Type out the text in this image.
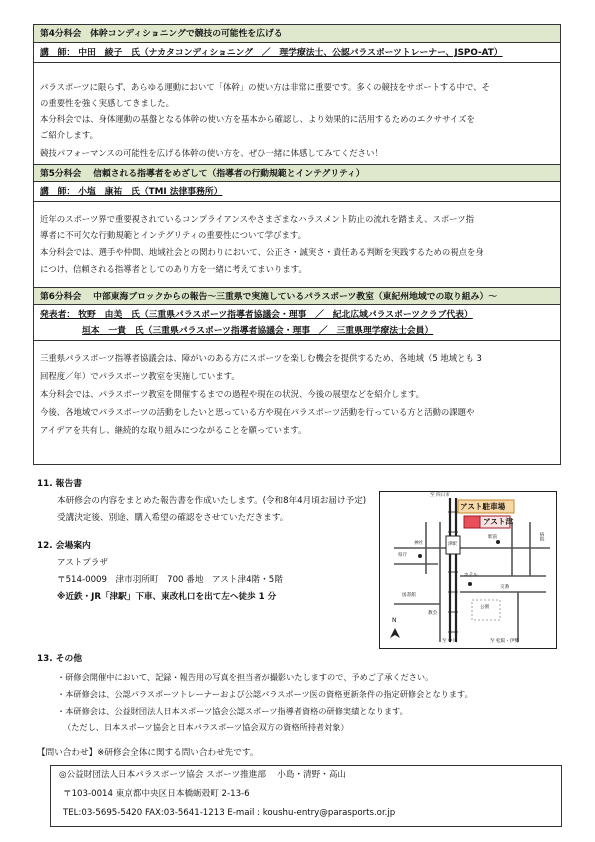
第4分科会　体幹コンディショニングで競技の可能性を広げる
講　師： 中田　綾子　氏（ナカタコンディショニング　／　理学療法士、公認パラスポーツトレーナー、JSPO-AT）
パラスポーツに限らず、あらゆる運動において「体幹」の使い方は非常に重要です。多くの競技をサポートする中で、そ
の重要性を強く実感してきました。
本分科会では、身体運動の基盤となる体幹の使い方を基本から確認し、より効果的に活用するためのエクササイズを
ご紹介します。
競技パフォーマンスの可能性を広げる体幹の使い方を、ぜひ一緒に体感してみてください！
第5分科会　 信頼される指導者をめざして（指導者の行動規範とインテグリティ）
講　師： 小塩　康祐　氏（TMI 法律事務所）
近年のスポーツ界で重要視されているコンプライアンスやさまざまなハラスメント防止の流れを踏まえ、スポーツ指
導者に不可欠な行動規範とインテグリティの重要性について学びます。
本分科会では、選手や仲間、地域社会との関わりにおいて、公正さ・誠実さ・責任ある判断を実践するための視点を身
につけ、信頼される指導者としてのあり方を一緒に考えてまいります。
第6分科会　 中部東海ブロックからの報告～三重県で実施しているパラスポーツ教室（東紀州地域での取り組み）～
発表者： 牧野　由美　氏（三重県パラスポーツ指導者協議会・理事　／　紀北広域パラスポーツクラブ代表）
垣本　一貴　氏（三重県パラスポーツ指導者協議会・理事　／　三重県理学療法士会員）
三重県パラスポーツ指導者協議会は、障がいのある方にスポーツを楽しむ機会を提供するため、各地域（5 地域とも 3
回程度／年）でパラスポーツ教室を実施しています。
本分科会では、パラスポーツ教室を開催するまでの過程や現在の状況、今後の展望などを紹介します。
今後、各地域でパラスポーツの活動をしたいと思っている方や現在パラスポーツ活動を行っている方と活動の課題や
アイデアを共有し、継続的な取り組みにつながることを願っています。
11. 報告書
本研修会の内容をまとめた報告書を作成いたします。(令和8年4月頃お届け予定)
受講決定後、別途、購入希望の確認をさせていただきます。
12. 会場案内
アストプラザ
〒514-0009　津市羽所町　700 番地　アスト津4階・5階
※近鉄・JR「津駅」下車、東改札口を出て左へ徒歩 1 分
アスト駐車場
アスト津
N
至 四日市
病院
神社
駅前
県庁
公園
図書館
津駅
ホテル
教会
至 中川	至 松阪・伊勢
交番
13. その他
・研修会開催中において、記録・報告用の写真を担当者が撮影いたしますので、予めご了承ください。
・本研修会は、公認パラスポーツトレーナーおよび公認パラスポーツ医の資格更新条件の指定研修会となります。
・本研修会は、公益財団法人日本スポーツ協会公認スポーツ指導者資格の研修実績となります。
（ただし、日本スポーツ協会と日本パラスポーツ協会双方の資格所持者対象）
【問い合わせ】※研修会全体に関する問い合わせ先です。
◎公益財団法人日本パラスポーツ協会 スポーツ推進部　 小島・清野・高山
〒103-0014 東京都中央区日本橋蛎殻町 2-13-6
TEL:03-5695-5420 FAX:03-5641-1213 E-mail : koushu-entry@parasports.or.jp
